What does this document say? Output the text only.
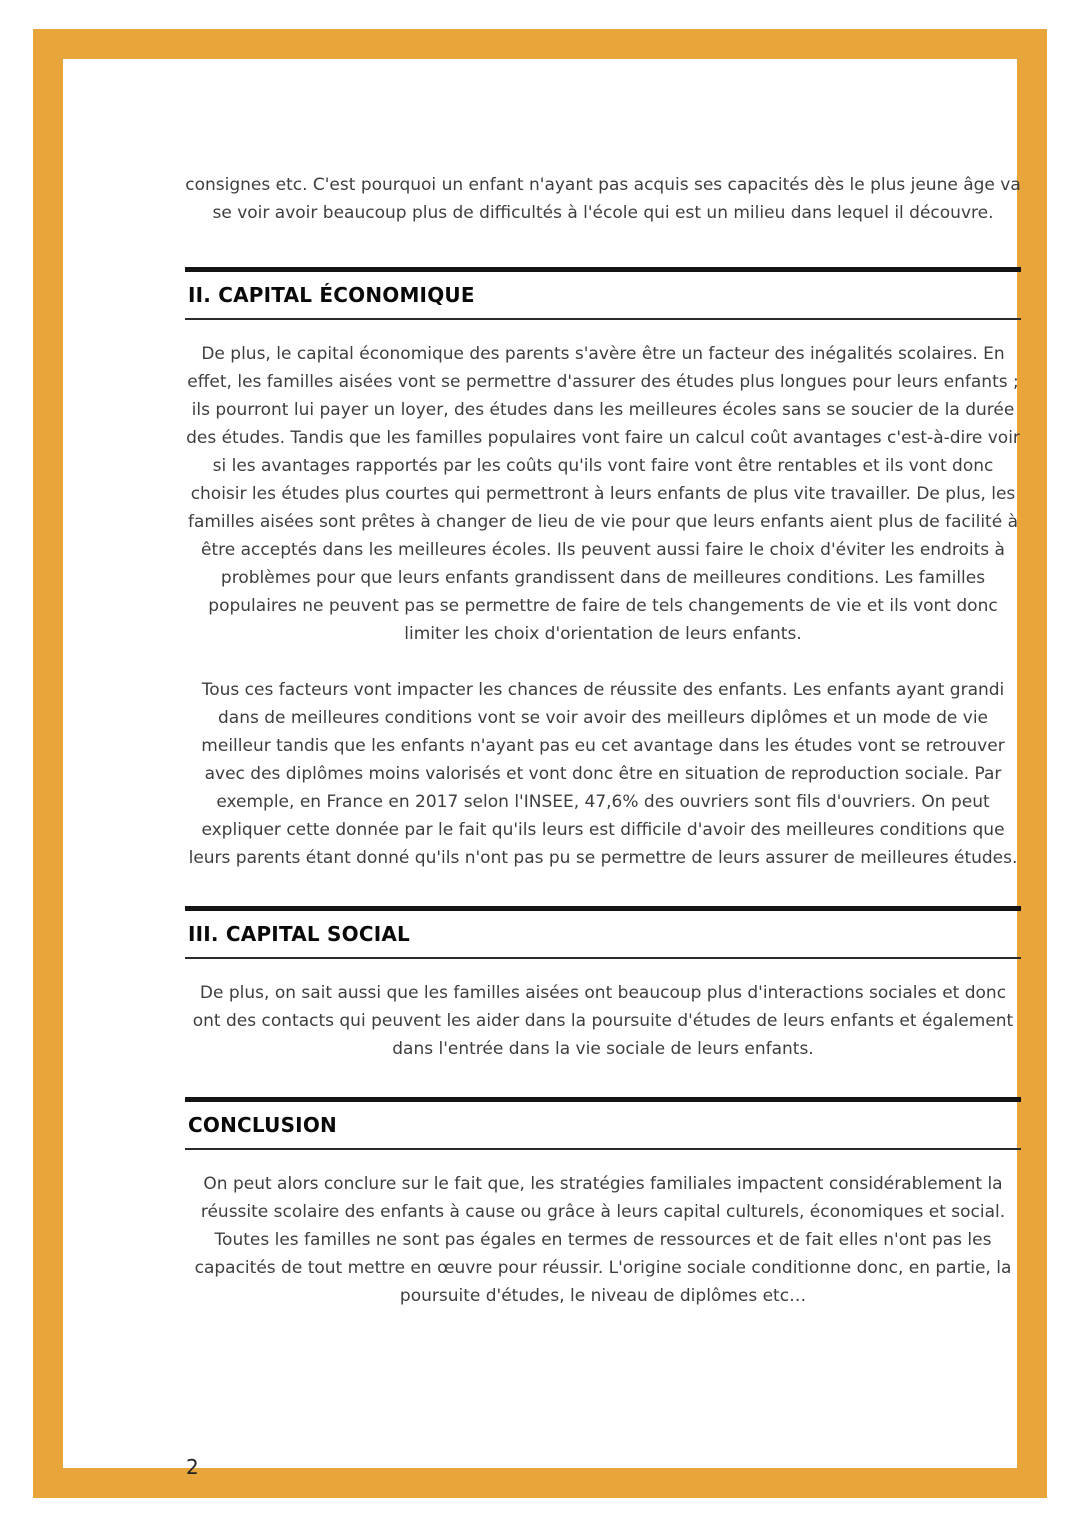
consignes etc. C'est pourquoi un enfant n'ayant pas acquis ses capacités dès le plus jeune âge va se voir avoir beaucoup plus de difficultés à l'école qui est un milieu dans lequel il découvre.

II. CAPITAL ÉCONOMIQUE

De plus, le capital économique des parents s'avère être un facteur des inégalités scolaires. En effet, les familles aisées vont se permettre d'assurer des études plus longues pour leurs enfants ; ils pourront lui payer un loyer, des études dans les meilleures écoles sans se soucier de la durée des études. Tandis que les familles populaires vont faire un calcul coût avantages c'est-à-dire voir si les avantages rapportés par les coûts qu'ils vont faire vont être rentables et ils vont donc choisir les études plus courtes qui permettront à leurs enfants de plus vite travailler. De plus, les familles aisées sont prêtes à changer de lieu de vie pour que leurs enfants aient plus de facilité à être acceptés dans les meilleures écoles. Ils peuvent aussi faire le choix d'éviter les endroits à problèmes pour que leurs enfants grandissent dans de meilleures conditions. Les familles populaires ne peuvent pas se permettre de faire de tels changements de vie et ils vont donc limiter les choix d'orientation de leurs enfants.

Tous ces facteurs vont impacter les chances de réussite des enfants. Les enfants ayant grandi dans de meilleures conditions vont se voir avoir des meilleurs diplômes et un mode de vie meilleur tandis que les enfants n'ayant pas eu cet avantage dans les études vont se retrouver avec des diplômes moins valorisés et vont donc être en situation de reproduction sociale. Par exemple, en France en 2017 selon l'INSEE, 47,6% des ouvriers sont fils d'ouvriers. On peut expliquer cette donnée par le fait qu'ils leurs est difficile d'avoir des meilleures conditions que leurs parents étant donné qu'ils n'ont pas pu se permettre de leurs assurer de meilleures études.

III. CAPITAL SOCIAL

De plus, on sait aussi que les familles aisées ont beaucoup plus d'interactions sociales et donc ont des contacts qui peuvent les aider dans la poursuite d'études de leurs enfants et également dans l'entrée dans la vie sociale de leurs enfants.

CONCLUSION

On peut alors conclure sur le fait que, les stratégies familiales impactent considérablement la réussite scolaire des enfants à cause ou grâce à leurs capital culturels, économiques et social. Toutes les familles ne sont pas égales en termes de ressources et de fait elles n'ont pas les capacités de tout mettre en œuvre pour réussir. L'origine sociale conditionne donc, en partie, la poursuite d'études, le niveau de diplômes etc…

2
